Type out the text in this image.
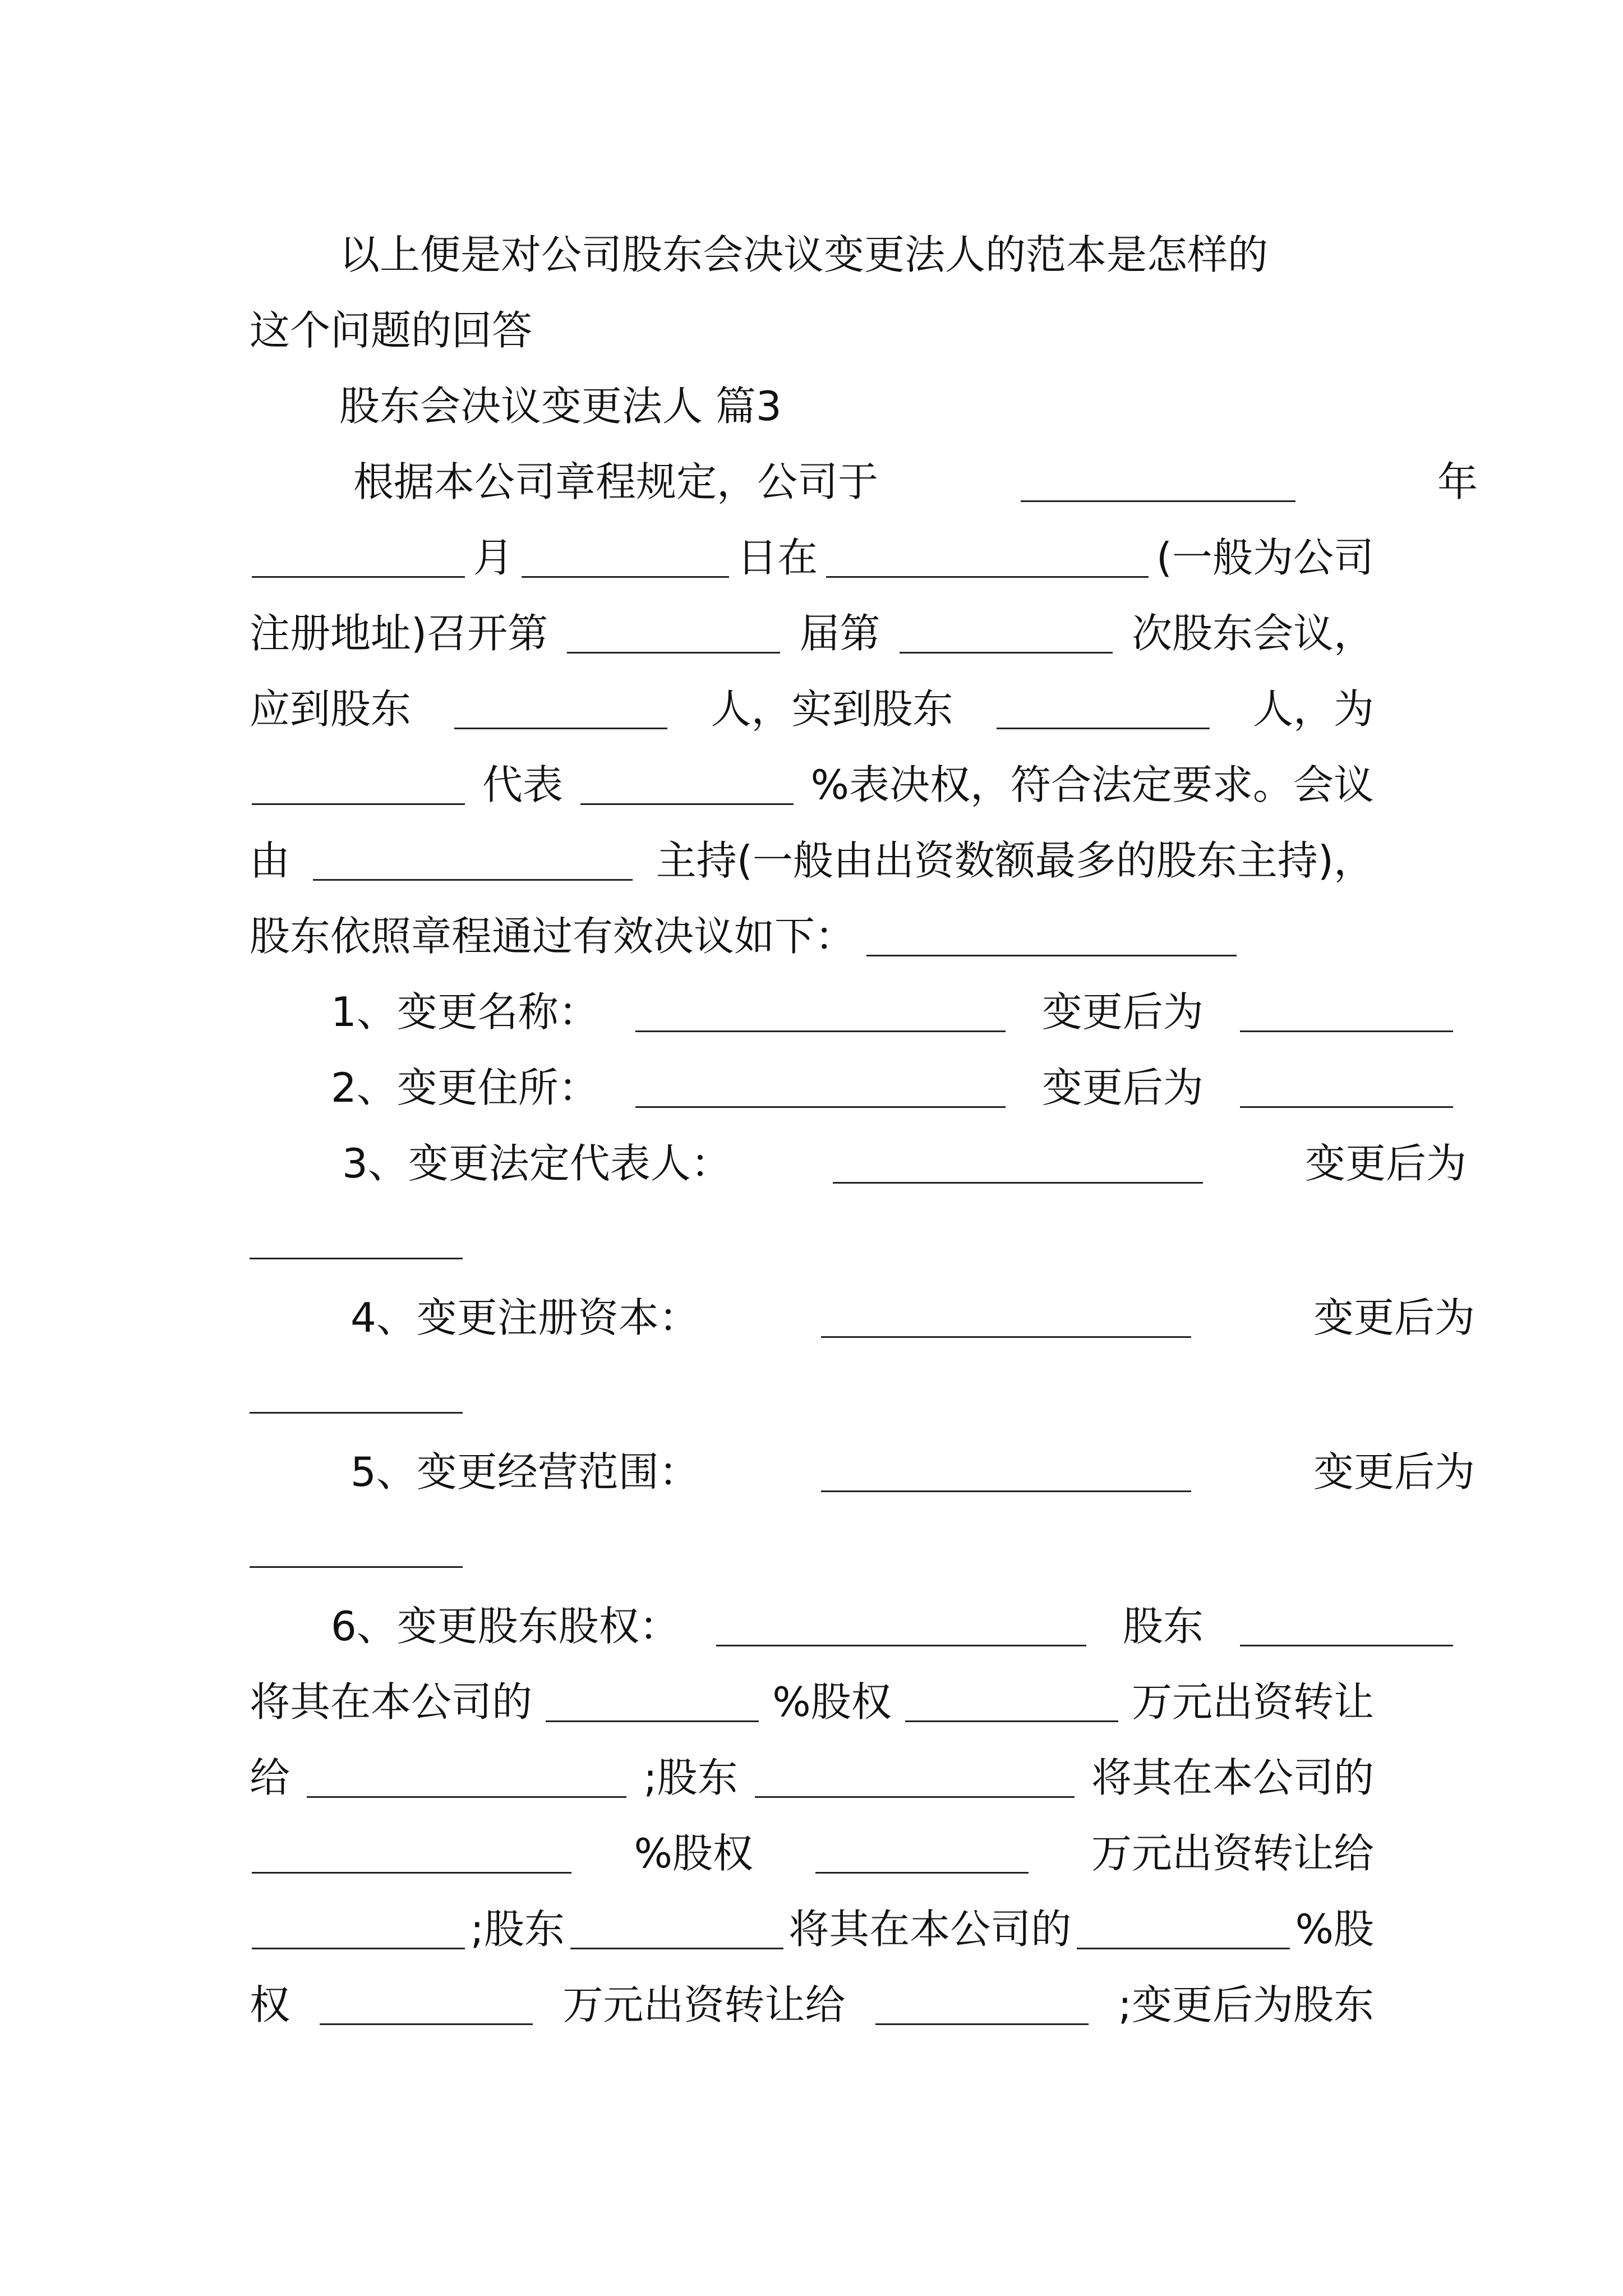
以上便是对公司股东会决议变更法人的范本是怎样的
这个问题的回答
股东会决议变更法人 篇3
根据本公司章程规定，公司于	年
月	日在	(一般为公司
注册地址)召开第	届第	次股东会议，
应到股东	人，实到股东	人，为
代表	%表决权，符合法定要求。会议
由	主持(一般由出资数额最多的股东主持)，
股东依照章程通过有效决议如下：
1、变更名称：	变更后为
2、变更住所：	变更后为
3、变更法定代表人：	变更后为
4、变更注册资本：	变更后为
5、变更经营范围：	变更后为
6、变更股东股权：	股东
将其在本公司的	%股权	万元出资转让
给	;股东	将其在本公司的
%股权	万元出资转让给
;股东	将其在本公司的	%股
权	万元出资转让给	;变更后为股东
